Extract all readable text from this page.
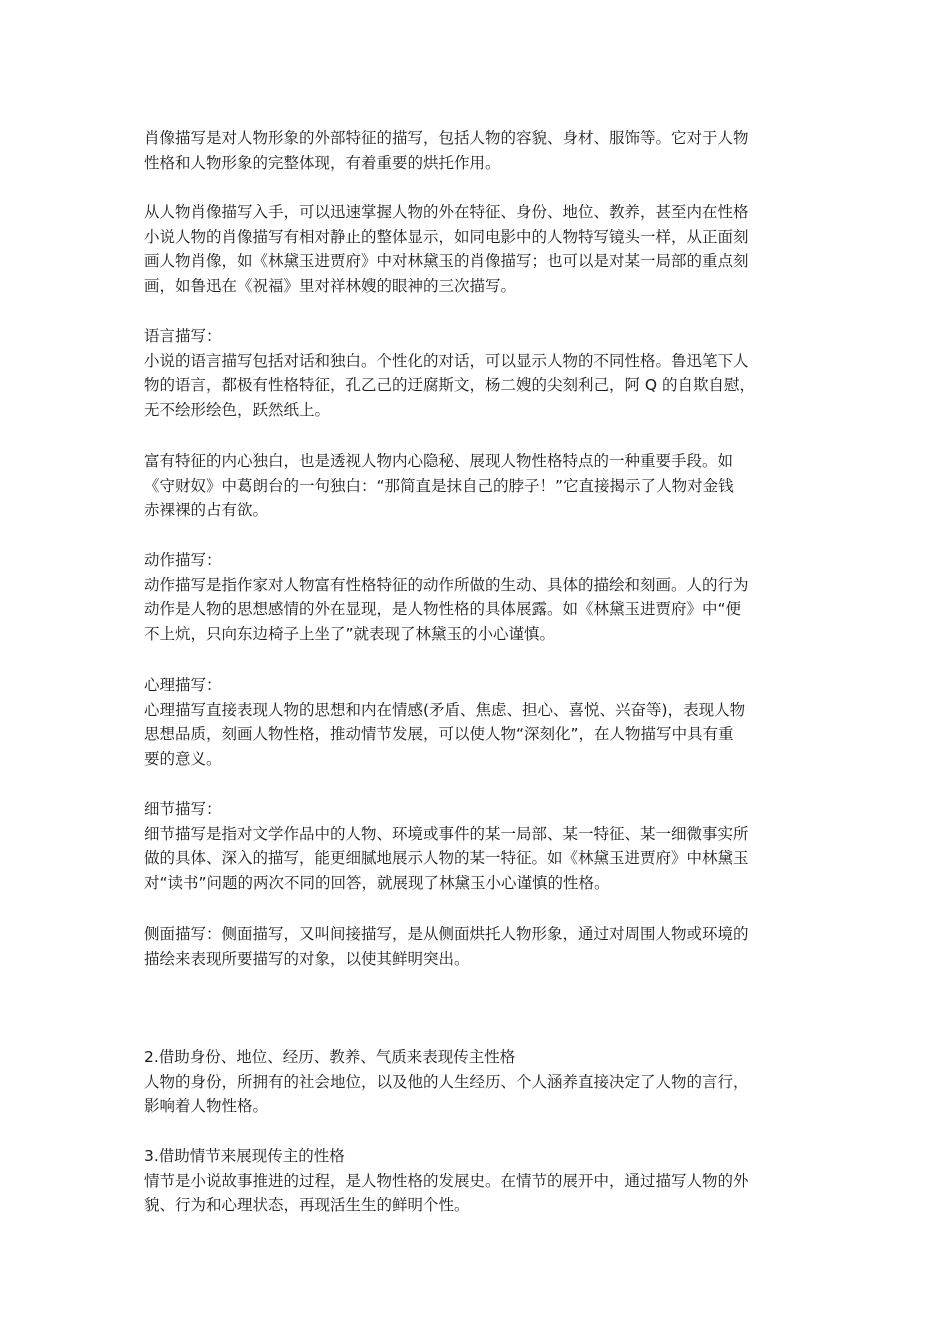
肖像描写是对人物形象的外部特征的描写，包括人物的容貌、身材、服饰等。它对于人物
性格和人物形象的完整体现，有着重要的烘托作用。

从人物肖像描写入手，可以迅速掌握人物的外在特征、身份、地位、教养，甚至内在性格
小说人物的肖像描写有相对静止的整体显示，如同电影中的人物特写镜头一样，从正面刻
画人物肖像，如《林黛玉进贾府》中对林黛玉的肖像描写；也可以是对某一局部的重点刻
画，如鲁迅在《祝福》里对祥林嫂的眼神的三次描写。

语言描写：
小说的语言描写包括对话和独白。个性化的对话，可以显示人物的不同性格。鲁迅笔下人
物的语言，都极有性格特征，孔乙己的迂腐斯文，杨二嫂的尖刻利己，阿 Q 的自欺自慰，
无不绘形绘色，跃然纸上。

富有特征的内心独白，也是透视人物内心隐秘、展现人物性格特点的一种重要手段。如
《守财奴》中葛朗台的一句独白：“那简直是抹自己的脖子！”它直接揭示了人物对金钱
赤裸裸的占有欲。

动作描写：
动作描写是指作家对人物富有性格特征的动作所做的生动、具体的描绘和刻画。人的行为
动作是人物的思想感情的外在显现，是人物性格的具体展露。如《林黛玉进贾府》中“便
不上炕，只向东边椅子上坐了”就表现了林黛玉的小心谨慎。

心理描写：
心理描写直接表现人物的思想和内在情感(矛盾、焦虑、担心、喜悦、兴奋等)，表现人物
思想品质，刻画人物性格，推动情节发展，可以使人物“深刻化”，在人物描写中具有重
要的意义。

细节描写：
细节描写是指对文学作品中的人物、环境或事件的某一局部、某一特征、某一细微事实所
做的具体、深入的描写，能更细腻地展示人物的某一特征。如《林黛玉进贾府》中林黛玉
对“读书”问题的两次不同的回答，就展现了林黛玉小心谨慎的性格。

侧面描写：侧面描写，又叫间接描写，是从侧面烘托人物形象，通过对周围人物或环境的
描绘来表现所要描写的对象，以使其鲜明突出。

2.借助身份、地位、经历、教养、气质来表现传主性格
人物的身份，所拥有的社会地位，以及他的人生经历、个人涵养直接决定了人物的言行，
影响着人物性格。

3.借助情节来展现传主的性格
情节是小说故事推进的过程，是人物性格的发展史。在情节的展开中，通过描写人物的外
貌、行为和心理状态，再现活生生的鲜明个性。
